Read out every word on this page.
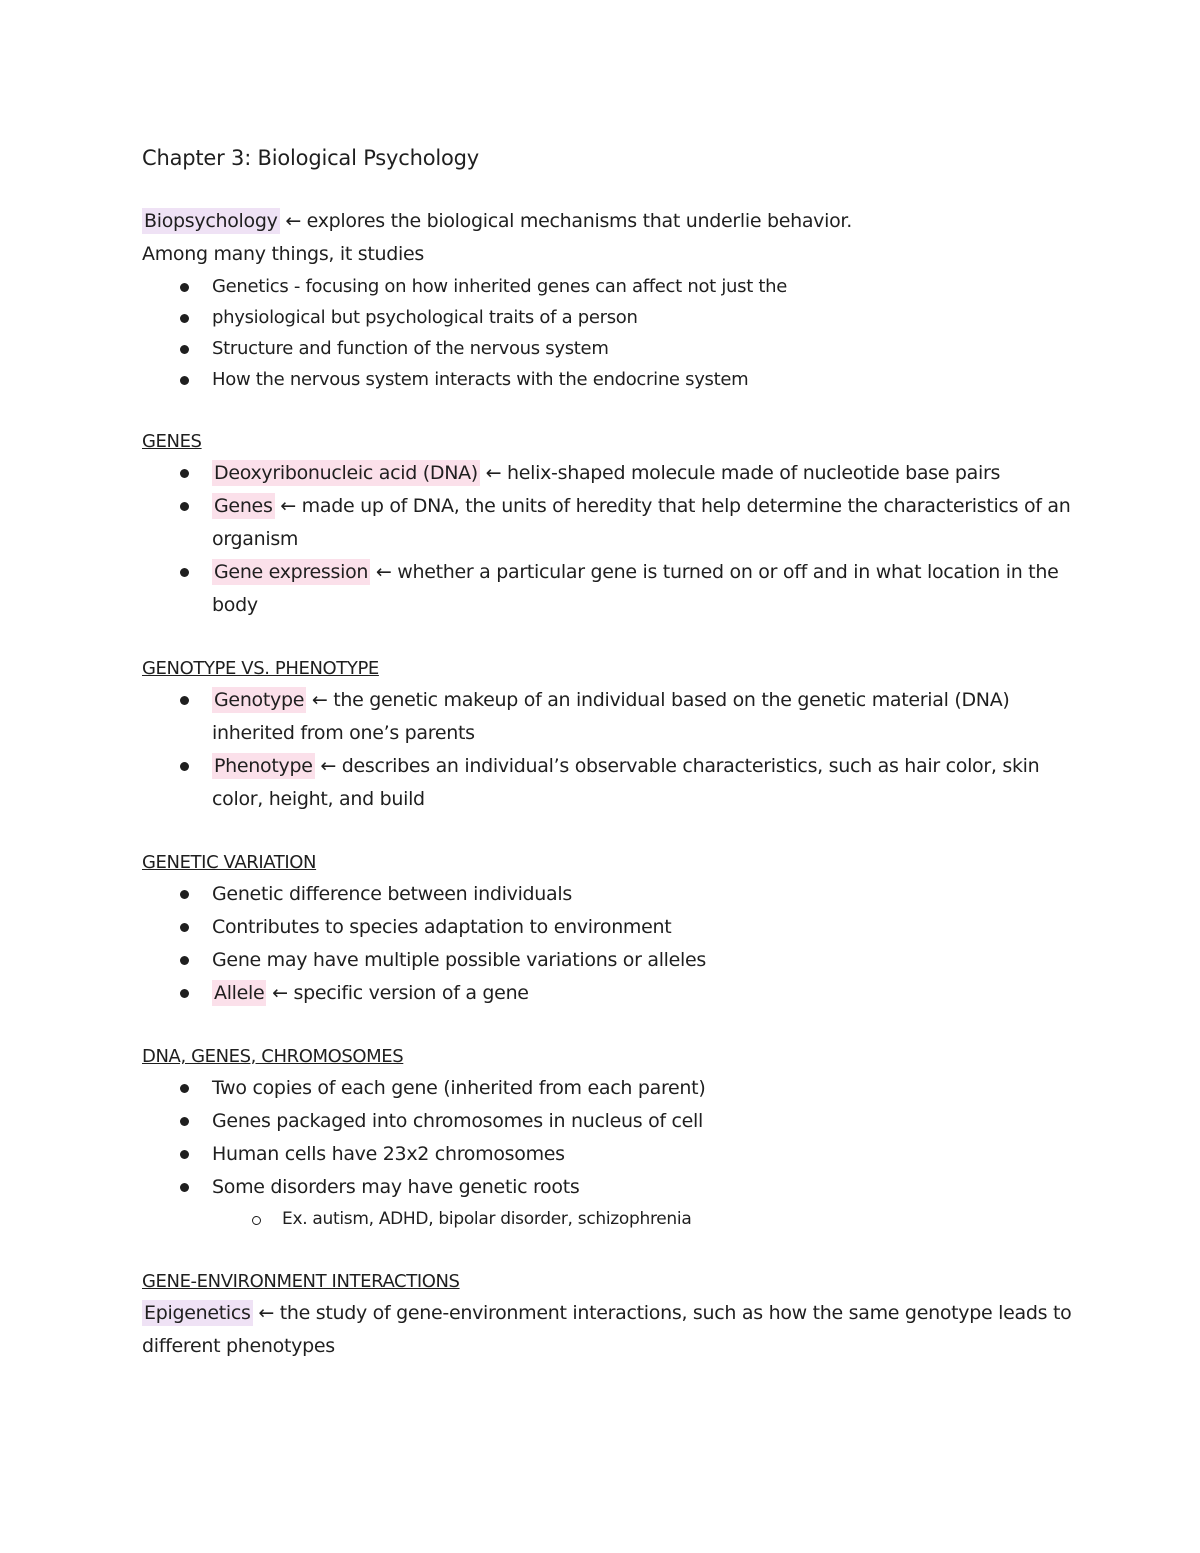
Chapter 3: Biological Psychology

Biopsychology ← explores the biological mechanisms that underlie behavior.

Among many things, it studies

Genetics - focusing on how inherited genes can affect not just the
physiological but psychological traits of a person
Structure and function of the nervous system
How the nervous system interacts with the endocrine system
GENES
Deoxyribonucleic acid (DNA) ← helix-shaped molecule made of nucleotide base pairs
Genes ← made up of DNA, the units of heredity that help determine the characteristics of an organism
Gene expression ← whether a particular gene is turned on or off and in what location in the body
GENOTYPE VS. PHENOTYPE
Genotype ← the genetic makeup of an individual based on the genetic material (DNA) inherited from one’s parents
Phenotype ← describes an individual’s observable characteristics, such as hair color, skin color, height, and build
GENETIC VARIATION
Genetic difference between individuals
Contributes to species adaptation to environment
Gene may have multiple possible variations or alleles
Allele ← specific version of a gene
DNA, GENES, CHROMOSOMES
Two copies of each gene (inherited from each parent)
Genes packaged into chromosomes in nucleus of cell
Human cells have 23x2 chromosomes
Some disorders may have genetic roots
Ex. autism, ADHD, bipolar disorder, schizophrenia
GENE-ENVIRONMENT INTERACTIONS

Epigenetics ← the study of gene-environment interactions, such as how the same genotype leads to different phenotypes
